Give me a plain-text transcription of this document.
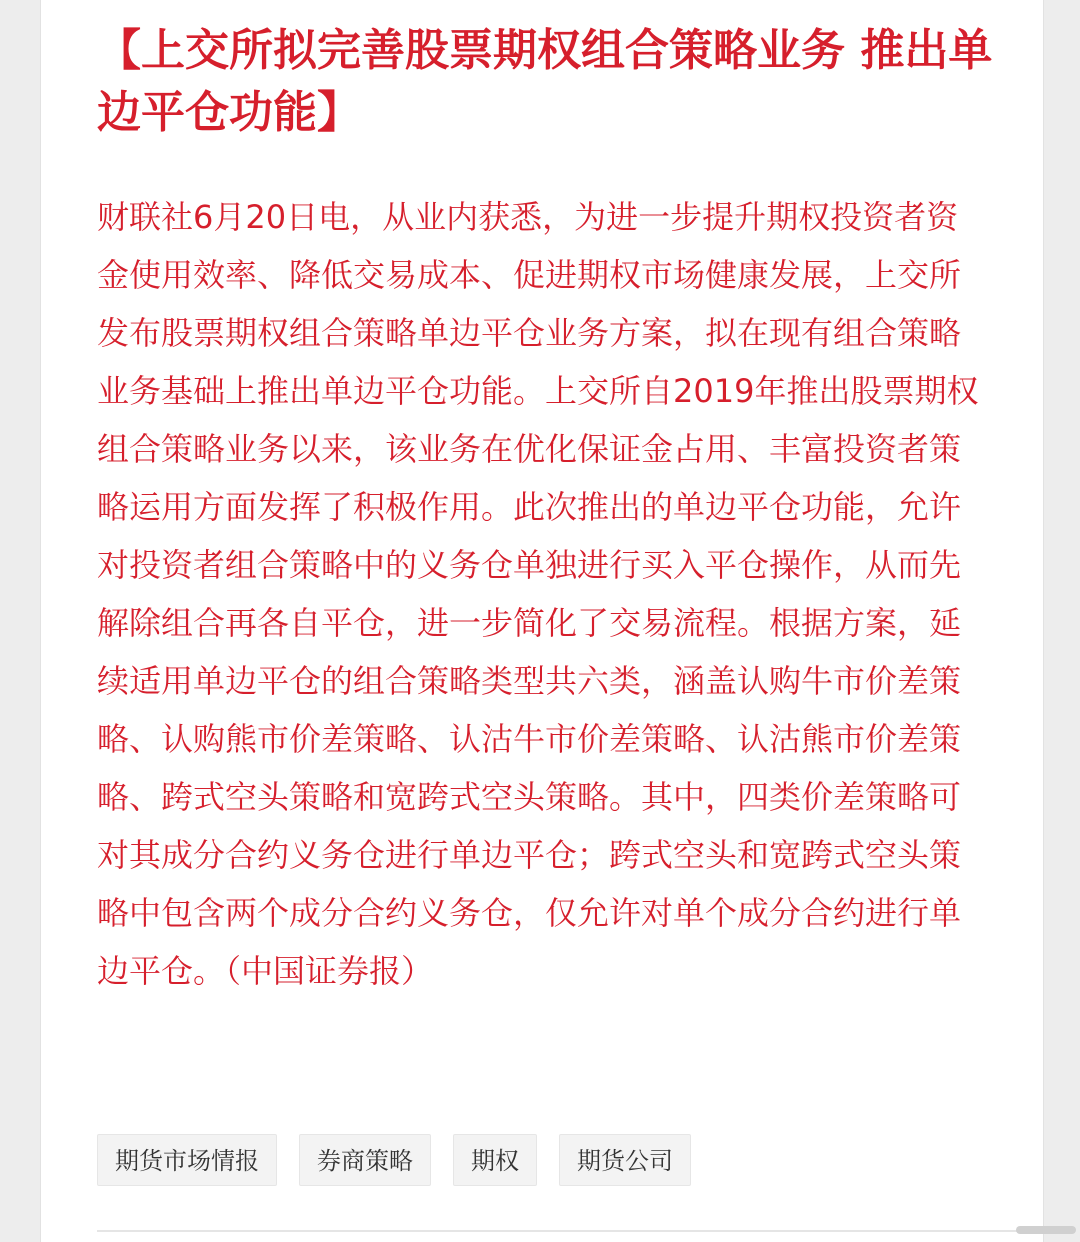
【上交所拟完善股票期权组合策略业务 推出单边平仓功能】

财联社6月20日电，从业内获悉，为进一步提升期权投资者资金使用效率、降低交易成本、促进期权市场健康发展，上交所发布股票期权组合策略单边平仓业务方案，拟在现有组合策略业务基础上推出单边平仓功能。上交所自2019年推出股票期权组合策略业务以来，该业务在优化保证金占用、丰富投资者策略运用方面发挥了积极作用。此次推出的单边平仓功能，允许对投资者组合策略中的义务仓单独进行买入平仓操作，从而先解除组合再各自平仓，进一步简化了交易流程。根据方案，延续适用单边平仓的组合策略类型共六类，涵盖认购牛市价差策略、认购熊市价差策略、认沽牛市价差策略、认沽熊市价差策略、跨式空头策略和宽跨式空头策略。其中，四类价差策略可对其成分合约义务仓进行单边平仓；跨式空头和宽跨式空头策略中包含两个成分合约义务仓，仅允许对单个成分合约进行单边平仓。（中国证券报）

期货市场情报	券商策略	期权	期货公司
